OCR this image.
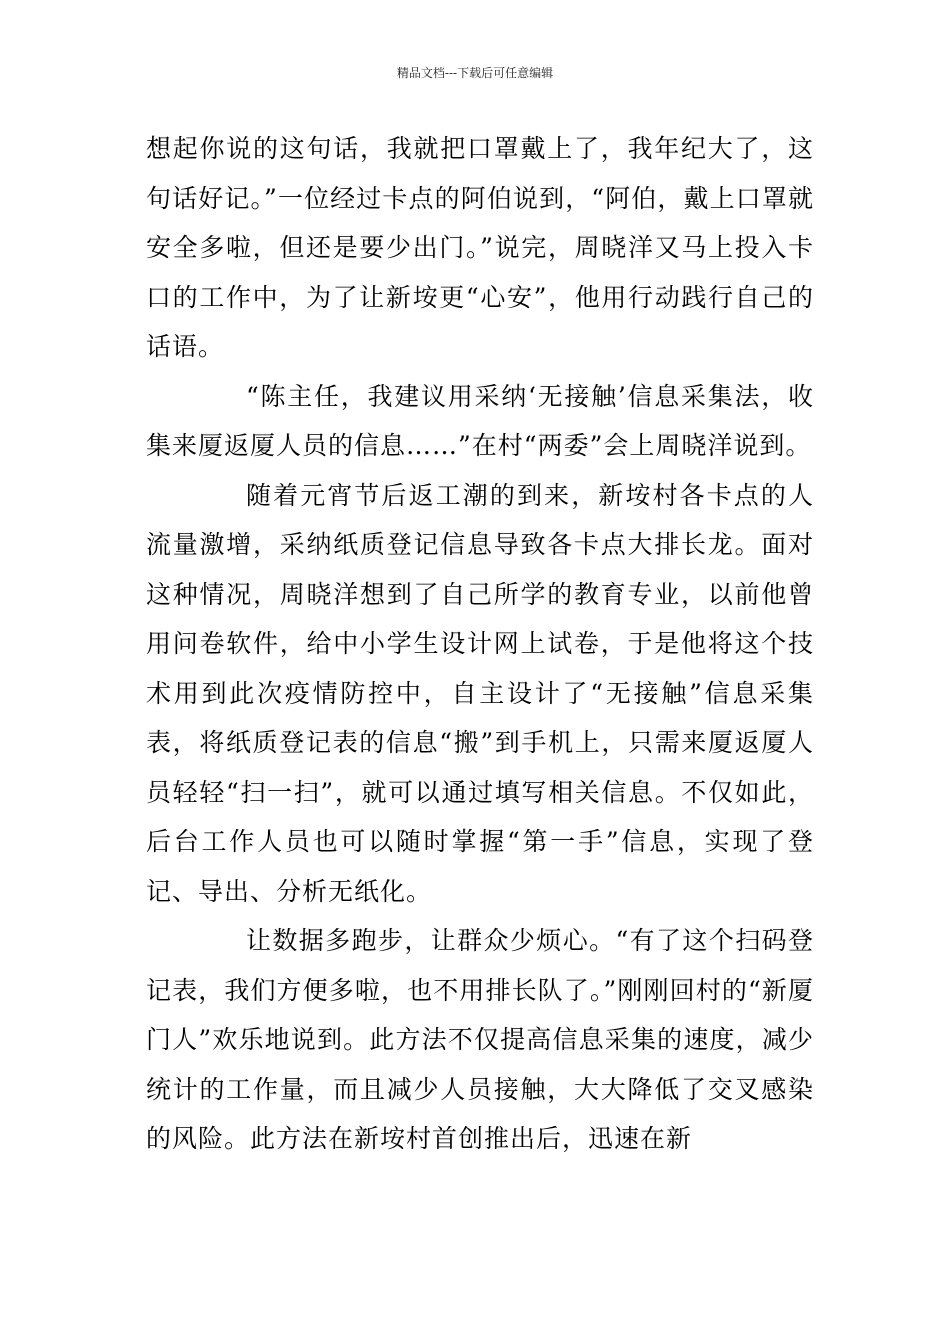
精品文档---下载后可任意编辑

想起你说的这句话，我就把口罩戴上了，我年纪大了，这句话好记。”一位经过卡点的阿伯说到，“阿伯，戴上口罩就安全多啦，但还是要少出门。”说完，周晓洋又马上投入卡口的工作中，为了让新垵更“心安”，他用行动践行自己的话语。

“陈主任，我建议用采纳‘无接触’信息采集法，收集来厦返厦人员的信息……”在村“两委”会上周晓洋说到。

随着元宵节后返工潮的到来，新垵村各卡点的人流量激增，采纳纸质登记信息导致各卡点大排长龙。面对这种情况，周晓洋想到了自己所学的教育专业，以前他曾用问卷软件，给中小学生设计网上试卷，于是他将这个技术用到此次疫情防控中，自主设计了“无接触”信息采集表，将纸质登记表的信息“搬”到手机上，只需来厦返厦人员轻轻“扫一扫”，就可以通过填写相关信息。不仅如此，后台工作人员也可以随时掌握“第一手”信息，实现了登记、导出、分析无纸化。

让数据多跑步，让群众少烦心。“有了这个扫码登记表，我们方便多啦，也不用排长队了。”刚刚回村的“新厦门人”欢乐地说到。此方法不仅提高信息采集的速度，减少统计的工作量，而且减少人员接触，大大降低了交叉感染的风险。此方法在新垵村首创推出后，迅速在新
